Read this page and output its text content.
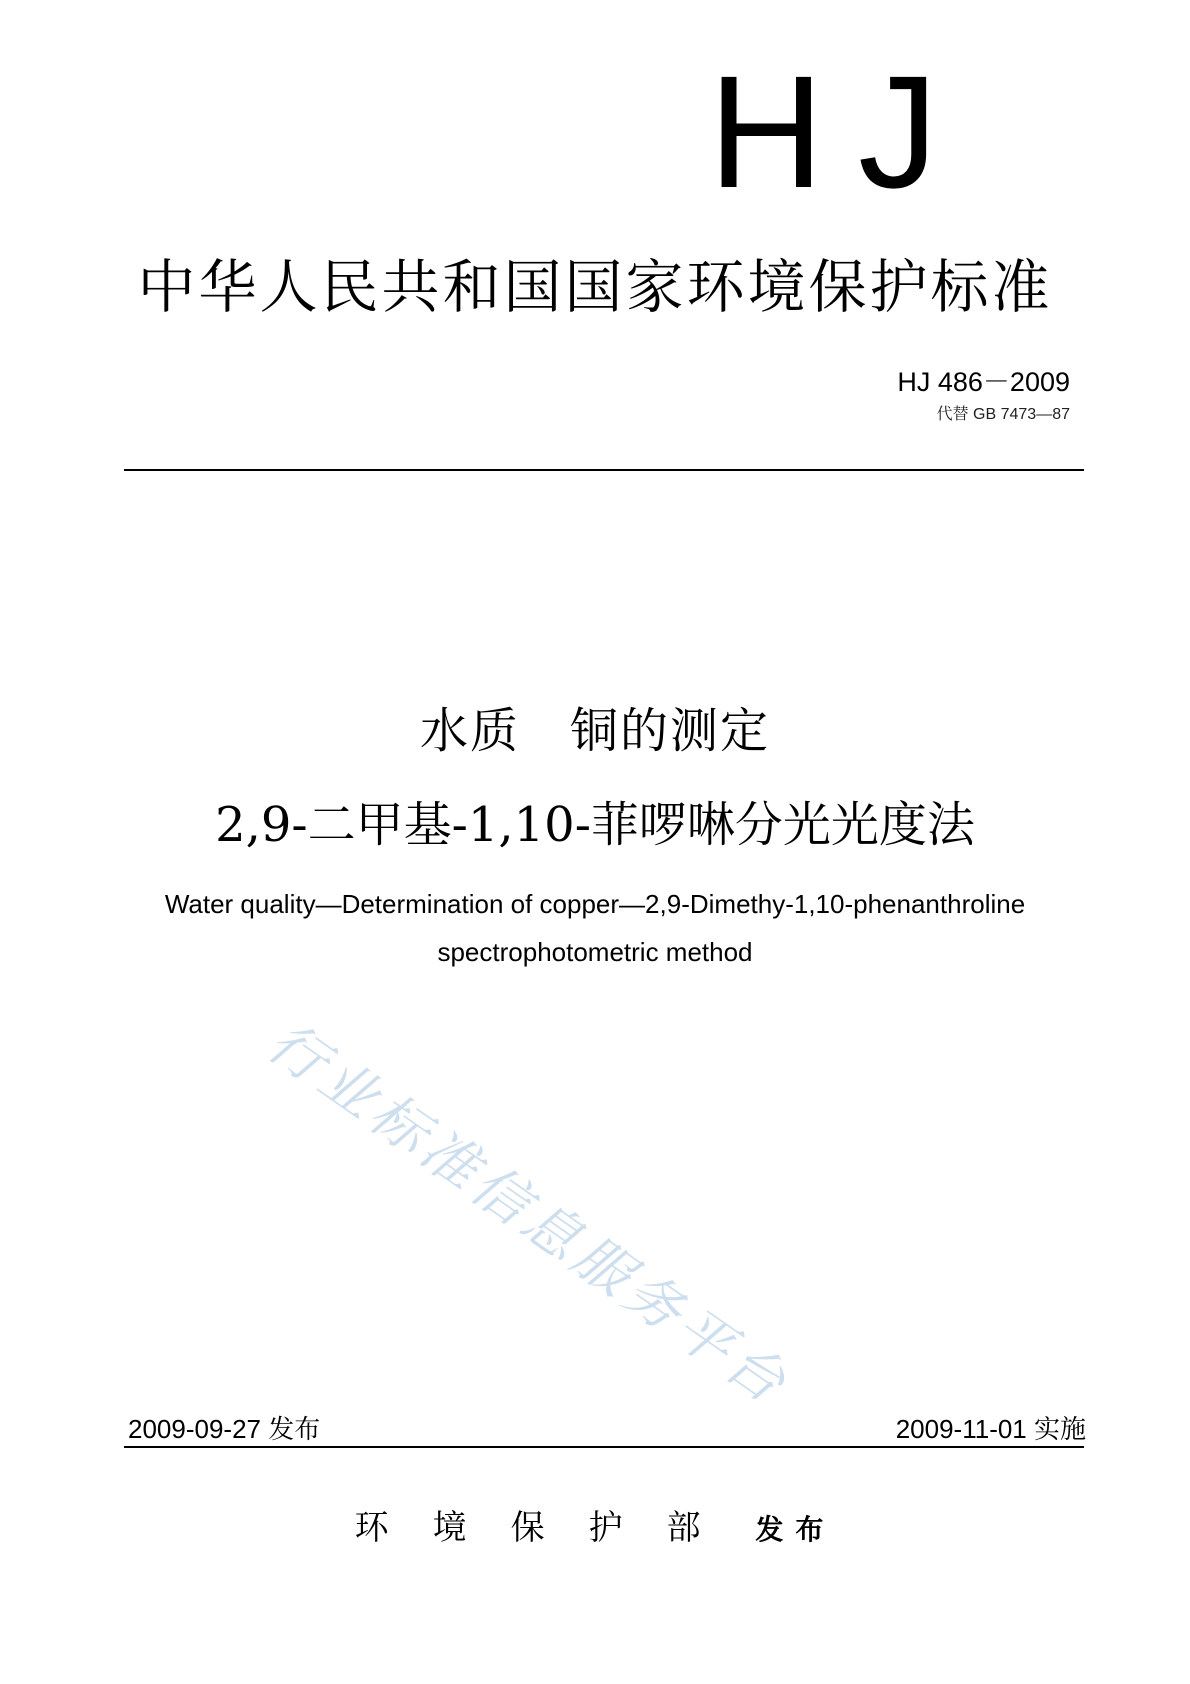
HJ
中华人民共和国国家环境保护标准
HJ 486－2009
代替 GB 7473—87
水质　铜的测定
2,9-二甲基-1,10-菲啰啉分光光度法
Water quality—Determination of copper—2,9-Dimethy-1,10-phenanthroline
spectrophotometric method
行业标准信息服务平台
2009-09-27 发布	2009-11-01 实施
环境保护部 发布
